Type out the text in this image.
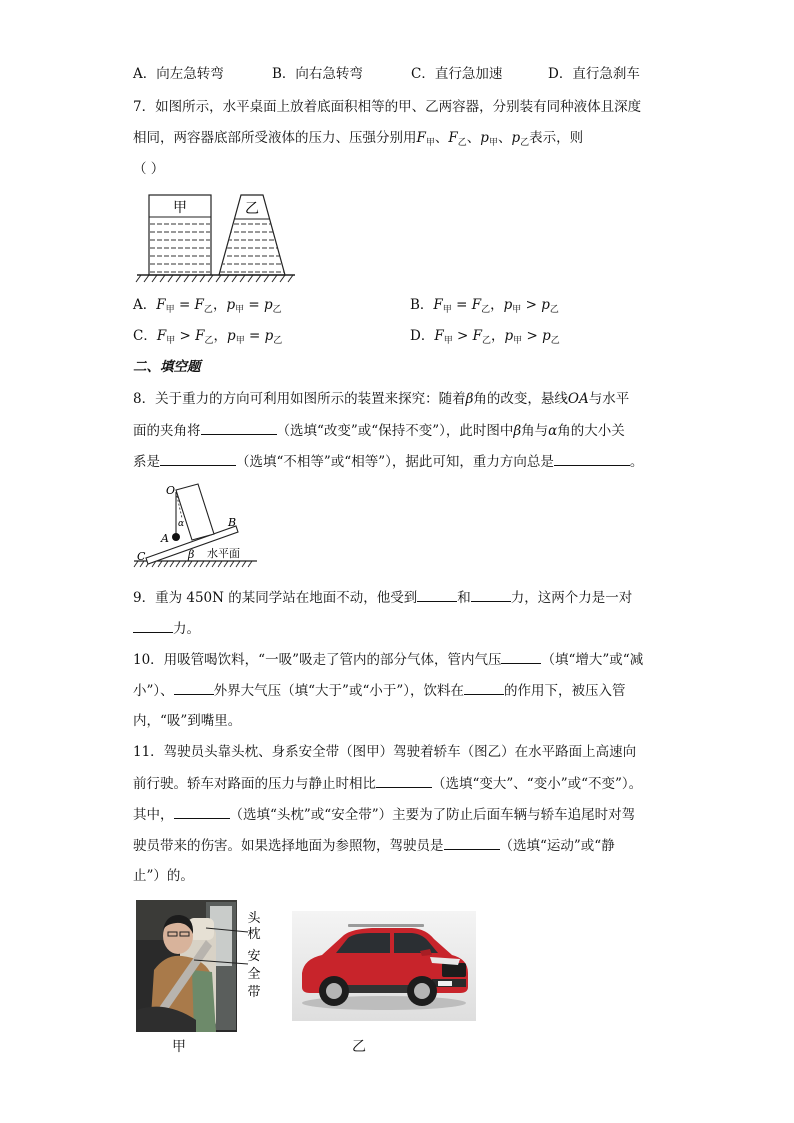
A．向左急转弯	B．向右急转弯	C．直行急加速	D．直行急刹车
7．如图所示，水平桌面上放着底面积相等的甲、乙两容器，分别装有同种液体且深度
相同，两容器底部所受液体的压力、压强分别用$F_甲$、$F_乙$、$p_甲$、$p_乙$表示，则
（ ）
甲	乙
A．$F_甲 = F_乙$，$p_甲 = p_乙$	B．$F_甲 = F_乙$，$p_甲 > p_乙$
C．$F_甲 > F_乙$，$p_甲 = p_乙$	D．$F_甲 > F_乙$，$p_甲 > p_乙$
二、填空题
8．关于重力的方向可利用如图所示的装置来探究：随着β角的改变，悬线OA与水平
面的夹角将	（选填“改变”或“保持不变”），此时图中β角与α角的大小关
系是	（选填“不相等”或“相等”），据此可知，重力方向总是	。
O
A
B
C
α
β 水平面
9．重为 450N 的某同学站在地面不动，他受到	和	力，这两个力是一对
力。
10．用吸管喝饮料，“一吸”吸走了管内的部分气体，管内气压	（填“增大”或“减
小”）、	外界大气压（填“大于”或“小于”），饮料在	的作用下，被压入管
内，“吸”到嘴里。
11．驾驶员头靠头枕、身系安全带（图甲）驾驶着轿车（图乙）在水平路面上高速向
前行驶。轿车对路面的压力与静止时相比	（选填“变大”、“变小”或“不变”）。
其中，	（选填“头枕”或“安全带”）主要为了防止后面车辆与轿车追尾时对驾
驶员带来的伤害。如果选择地面为参照物，驾驶员是	（选填“运动”或“静
止”）的。
头
枕
安
全
带
甲	乙
